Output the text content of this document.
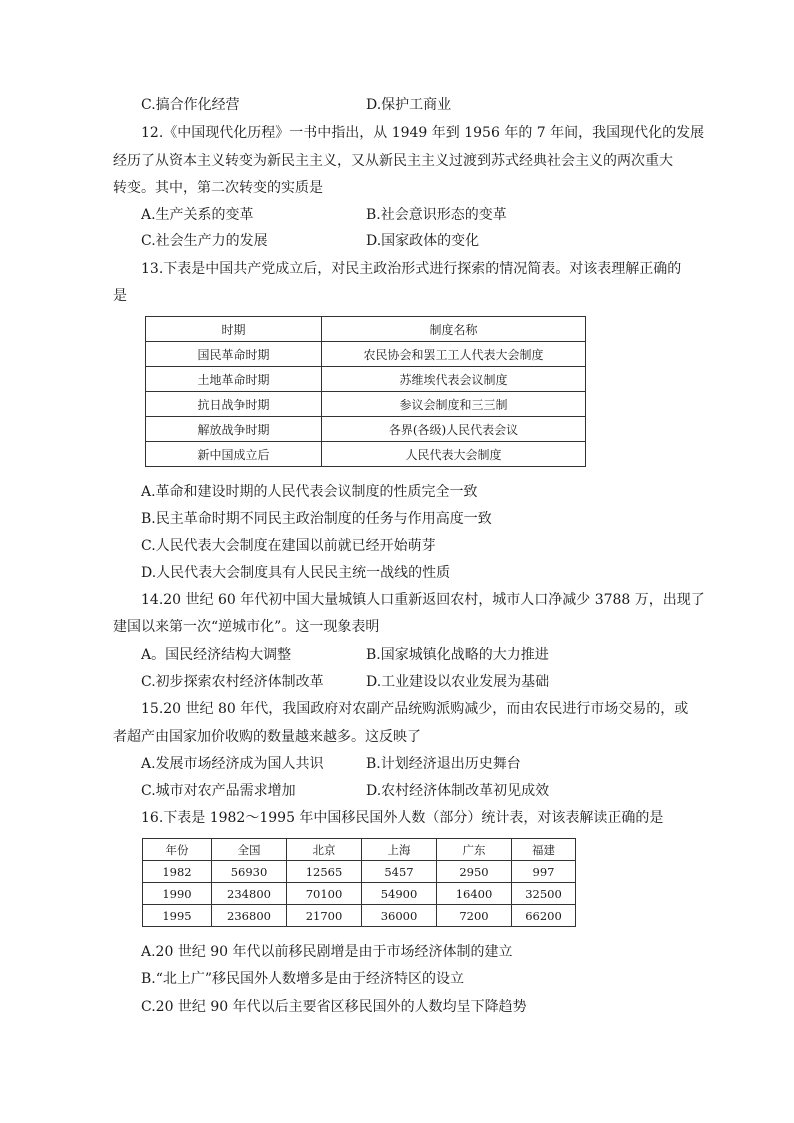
C.搞合作化经营	D.保护工商业
12.《中国现代化历程》一书中指出，从 1949 年到 1956 年的 7 年间，我国现代化的发展
经历了从资本主义转变为新民主主义，又从新民主主义过渡到苏式经典社会主义的两次重大
转变。其中，第二次转变的实质是
A.生产关系的变革	B.社会意识形态的变革
C.社会生产力的发展	D.国家政体的变化
13.下表是中国共产党成立后，对民主政治形式进行探索的情况简表。对该表理解正确的
是
时期	制度名称
国民革命时期	农民协会和罢工工人代表大会制度
土地革命时期	苏维埃代表会议制度
抗日战争时期	参议会制度和三三制
解放战争时期	各界(各级)人民代表会议
新中国成立后	人民代表大会制度
A.革命和建设时期的人民代表会议制度的性质完全一致
B.民主革命时期不同民主政治制度的任务与作用高度一致
C.人民代表大会制度在建国以前就已经开始萌芽
D.人民代表大会制度具有人民民主统一战线的性质
14.20 世纪 60 年代初中国大量城镇人口重新返回农村，城市人口净减少 3788 万，出现了
建国以来第一次“逆城市化”。这一现象表明
A。国民经济结构大调整	B.国家城镇化战略的大力推进
C.初步探索农村经济体制改革	D.工业建设以农业发展为基础
15.20 世纪 80 年代，我国政府对农副产品统购派购减少，而由农民进行市场交易的，或
者超产由国家加价收购的数量越来越多。这反映了
A.发展市场经济成为国人共识	B.计划经济退出历史舞台
C.城市对农产品需求增加	D.农村经济体制改革初见成效
16.下表是 1982～1995 年中国移民国外人数（部分）统计表，对该表解读正确的是
年份	全国	北京	上海	广东	福建
1982	56930	12565	5457	2950	997
1990	234800	70100	54900	16400	32500
1995	236800	21700	36000	7200	66200
A.20 世纪 90 年代以前移民剧增是由于市场经济体制的建立
B.“北上广”移民国外人数增多是由于经济特区的设立
C.20 世纪 90 年代以后主要省区移民国外的人数均呈下降趋势
